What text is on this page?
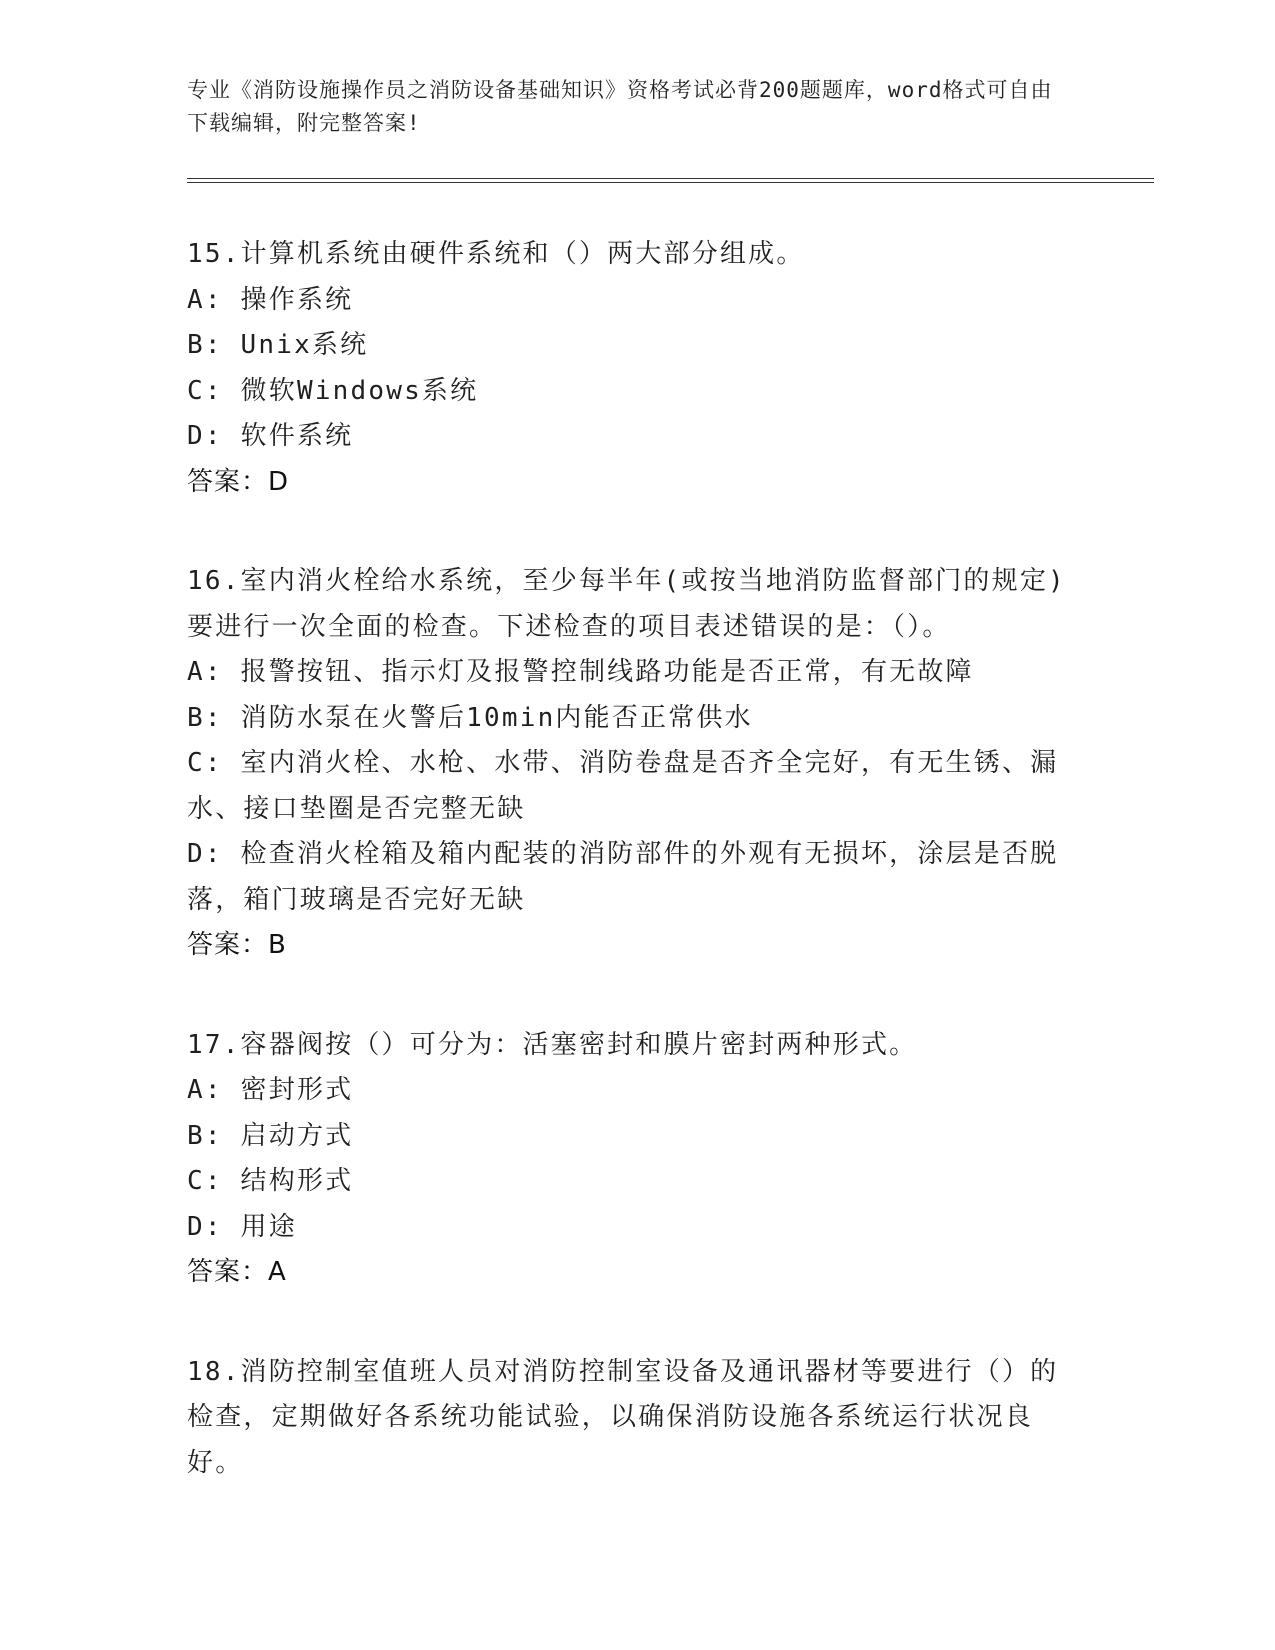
专业《消防设施操作员之消防设备基础知识》资格考试必背200题题库，word格式可自由下载编辑，附完整答案!
15.计算机系统由硬件系统和（）两大部分组成。
A: 操作系统
B: Unix系统
C: 微软Windows系统
D: 软件系统
答案：D
16.室内消火栓给水系统，至少每半年(或按当地消防监督部门的规定)要进行一次全面的检查。下述检查的项目表述错误的是：（）。
A: 报警按钮、指示灯及报警控制线路功能是否正常，有无故障
B: 消防水泵在火警后10min内能否正常供水
C: 室内消火栓、水枪、水带、消防卷盘是否齐全完好，有无生锈、漏水、接口垫圈是否完整无缺
D: 检查消火栓箱及箱内配装的消防部件的外观有无损坏，涂层是否脱落，箱门玻璃是否完好无缺
答案：B
17.容器阀按（）可分为：活塞密封和膜片密封两种形式。
A: 密封形式
B: 启动方式
C: 结构形式
D: 用途
答案：A
18.消防控制室值班人员对消防控制室设备及通讯器材等要进行（）的检查，定期做好各系统功能试验，以确保消防设施各系统运行状况良好。
